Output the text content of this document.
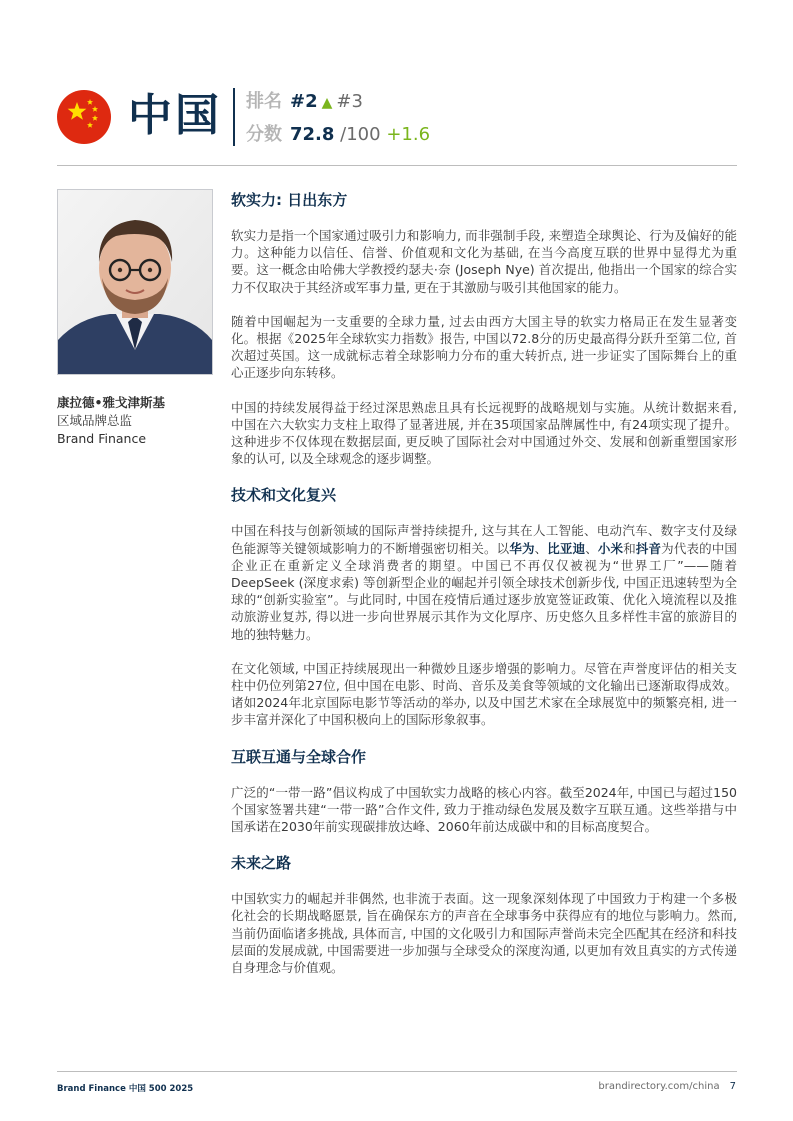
中国 排名 #2 ▲ #3
分数 72.8 /100 +1.6
康拉德•雅戈津斯基
区域品牌总监
Brand Finance
软实力: 日出东方

软实力是指一个国家通过吸引力和影响力, 而非强制手段, 来塑造全球舆论、行为及偏好的能力。这种能力以信任、信誉、价值观和文化为基础, 在当今高度互联的世界中显得尤为重要。这一概念由哈佛大学教授约瑟夫·奈 (Joseph Nye) 首次提出, 他指出一个国家的综合实力不仅取决于其经济或军事力量, 更在于其激励与吸引其他国家的能力。

随着中国崛起为一支重要的全球力量, 过去由西方大国主导的软实力格局正在发生显著变化。根据《2025年全球软实力指数》报告, 中国以72.8分的历史最高得分跃升至第二位, 首次超过英国。这一成就标志着全球影响力分布的重大转折点, 进一步证实了国际舞台上的重心正逐步向东转移。

中国的持续发展得益于经过深思熟虑且具有长远视野的战略规划与实施。从统计数据来看, 中国在六大软实力支柱上取得了显著进展, 并在35项国家品牌属性中, 有24项实现了提升。这种进步不仅体现在数据层面, 更反映了国际社会对中国通过外交、发展和创新重塑国家形象的认可, 以及全球观念的逐步调整。

技术和文化复兴

中国在科技与创新领域的国际声誉持续提升, 这与其在人工智能、电动汽车、数字支付及绿色能源等关键领域影响力的不断增强密切相关。以华为、比亚迪、小米和抖音为代表的中国企业正在重新定义全球消费者的期望。中国已不再仅仅被视为“世界工厂”——随着DeepSeek (深度求索) 等创新型企业的崛起并引领全球技术创新步伐, 中国正迅速转型为全球的“创新实验室”。与此同时, 中国在疫情后通过逐步放宽签证政策、优化入境流程以及推动旅游业复苏, 得以进一步向世界展示其作为文化厚序、历史悠久且多样性丰富的旅游目的地的独特魅力。

在文化领域, 中国正持续展现出一种微妙且逐步增强的影响力。尽管在声誉度评估的相关支柱中仍位列第27位, 但中国在电影、时尚、音乐及美食等领域的文化输出已逐渐取得成效。诸如2024年北京国际电影节等活动的举办, 以及中国艺术家在全球展览中的频繁亮相, 进一步丰富并深化了中国积极向上的国际形象叙事。

互联互通与全球合作

广泛的“一带一路”倡议构成了中国软实力战略的核心内容。截至2024年, 中国已与超过150个国家签署共建“一带一路”合作文件, 致力于推动绿色发展及数字互联互通。这些举措与中国承诺在2030年前实现碳排放达峰、2060年前达成碳中和的目标高度契合。

未来之路

中国软实力的崛起并非偶然, 也非流于表面。这一现象深刻体现了中国致力于构建一个多极化社会的长期战略愿景, 旨在确保东方的声音在全球事务中获得应有的地位与影响力。然而, 当前仍面临诸多挑战, 具体而言, 中国的文化吸引力和国际声誉尚未完全匹配其在经济和科技层面的发展成就, 中国需要进一步加强与全球受众的深度沟通, 以更加有效且真实的方式传递自身理念与价值观。

Brand Finance 中国 500 2025	brandirectory.com/china 7
